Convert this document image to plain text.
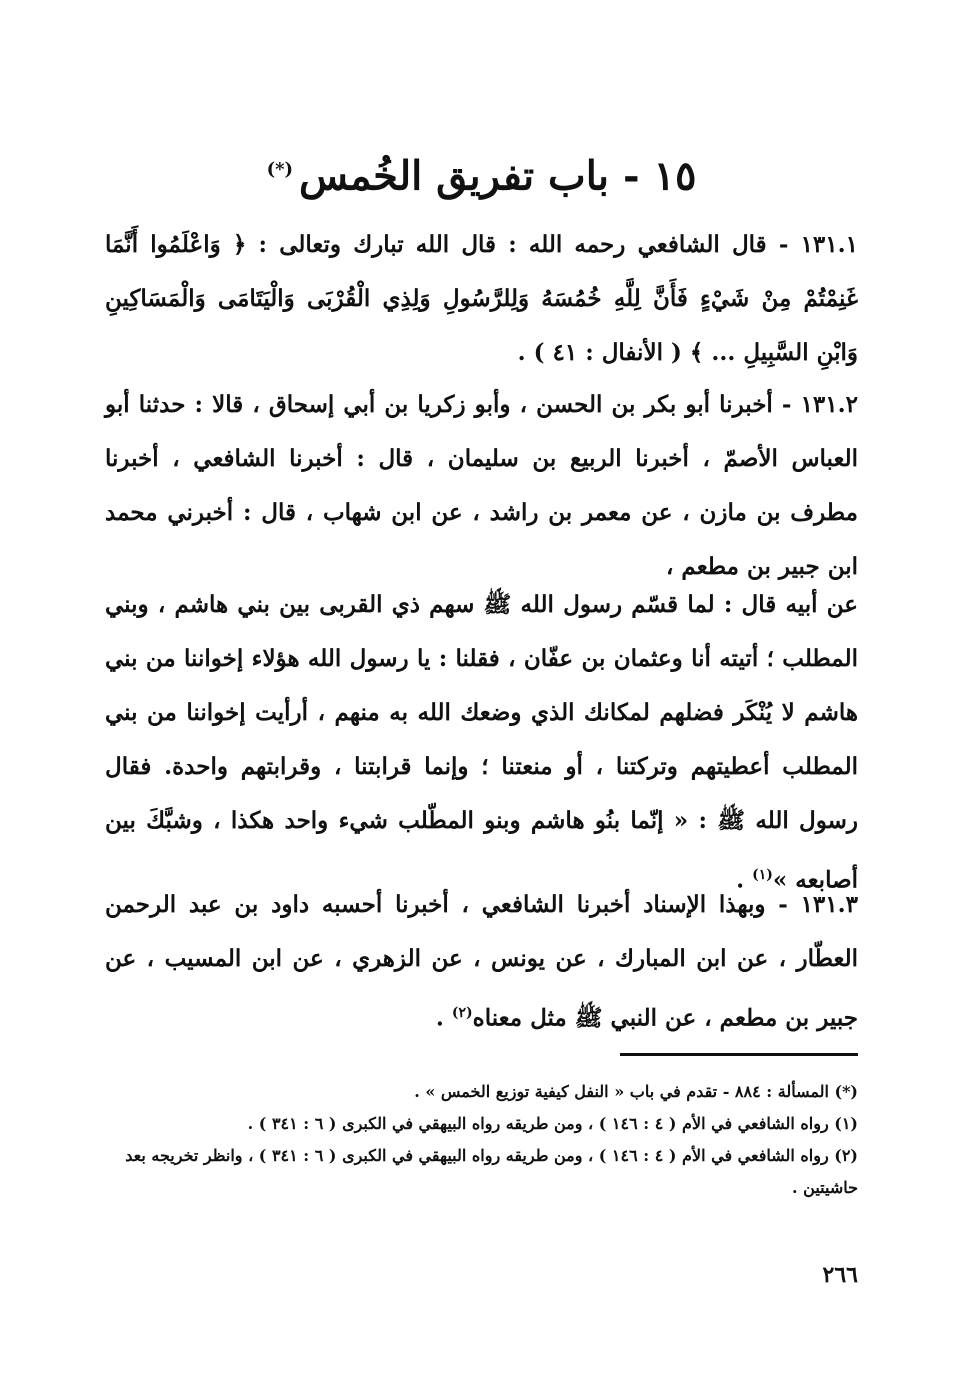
١٥ - باب تفريق الخُمس(*)
١٣١.١ - قال الشافعي رحمه الله : قال الله تبارك وتعالى : ﴿ وَاعْلَمُوا أَنَّمَا غَنِمْتُمْ مِنْ شَيْءٍ فَأَنَّ لِلَّهِ خُمُسَهُ وَلِلرَّسُولِ وَلِذِي الْقُرْبَى وَالْيَتَامَى وَالْمَسَاكِينِ وَابْنِ السَّبِيلِ ... ﴾ ( الأنفال : ٤١ ) .
١٣١.٢ - أخبرنا أبو بكر بن الحسن ، وأبو زكريا بن أبي إسحاق ، قالا : حدثنا أبو العباس الأصمّ ، أخبرنا الربيع بن سليمان ، قال : أخبرنا الشافعي ، أخبرنا مطرف بن مازن ، عن معمر بن راشد ، عن ابن شهاب ، قال : أخبرني محمد ابن جبير بن مطعم ،
عن أبيه قال : لما قسّم رسول الله ﷺ سهم ذي القربى بين بني هاشم ، وبني المطلب ؛ أتيته أنا وعثمان بن عفّان ، فقلنا : يا رسول الله هؤلاء إخواننا من بني هاشم لا يُنْكَر فضلهم لمكانك الذي وضعك الله به منهم ، أرأيت إخواننا من بني المطلب أعطيتهم وتركتنا ، أو منعتنا ؛ وإنما قرابتنا ، وقرابتهم واحدة. فقال رسول الله ﷺ : « إنّما بنُو هاشم وبنو المطّلب شيء واحد هكذا ، وشبَّكَ بين أصابعه »$^{(١)}$ .
١٣١.٣ - وبهذا الإسناد أخبرنا الشافعي ، أخبرنا أحسبه داود بن عبد الرحمن العطّار ، عن ابن المبارك ، عن يونس ، عن الزهري ، عن ابن المسيب ، عن جبير بن مطعم ، عن النبي ﷺ مثل معناه$^{(٢)}$ .

(*) المسألة : ٨٨٤ - تقدم في باب « النفل كيفية توزيع الخمس » .

(١) رواه الشافعي في الأم ( ٤ : ١٤٦ ) ، ومن طريقه رواه البيهقي في الكبرى ( ٦ : ٣٤١ ) .

(٢) رواه الشافعي في الأم ( ٤ : ١٤٦ ) ، ومن طريقه رواه البيهقي في الكبرى ( ٦ : ٣٤١ ) ، وانظر تخريجه بعد حاشيتين .

٢٦٦
